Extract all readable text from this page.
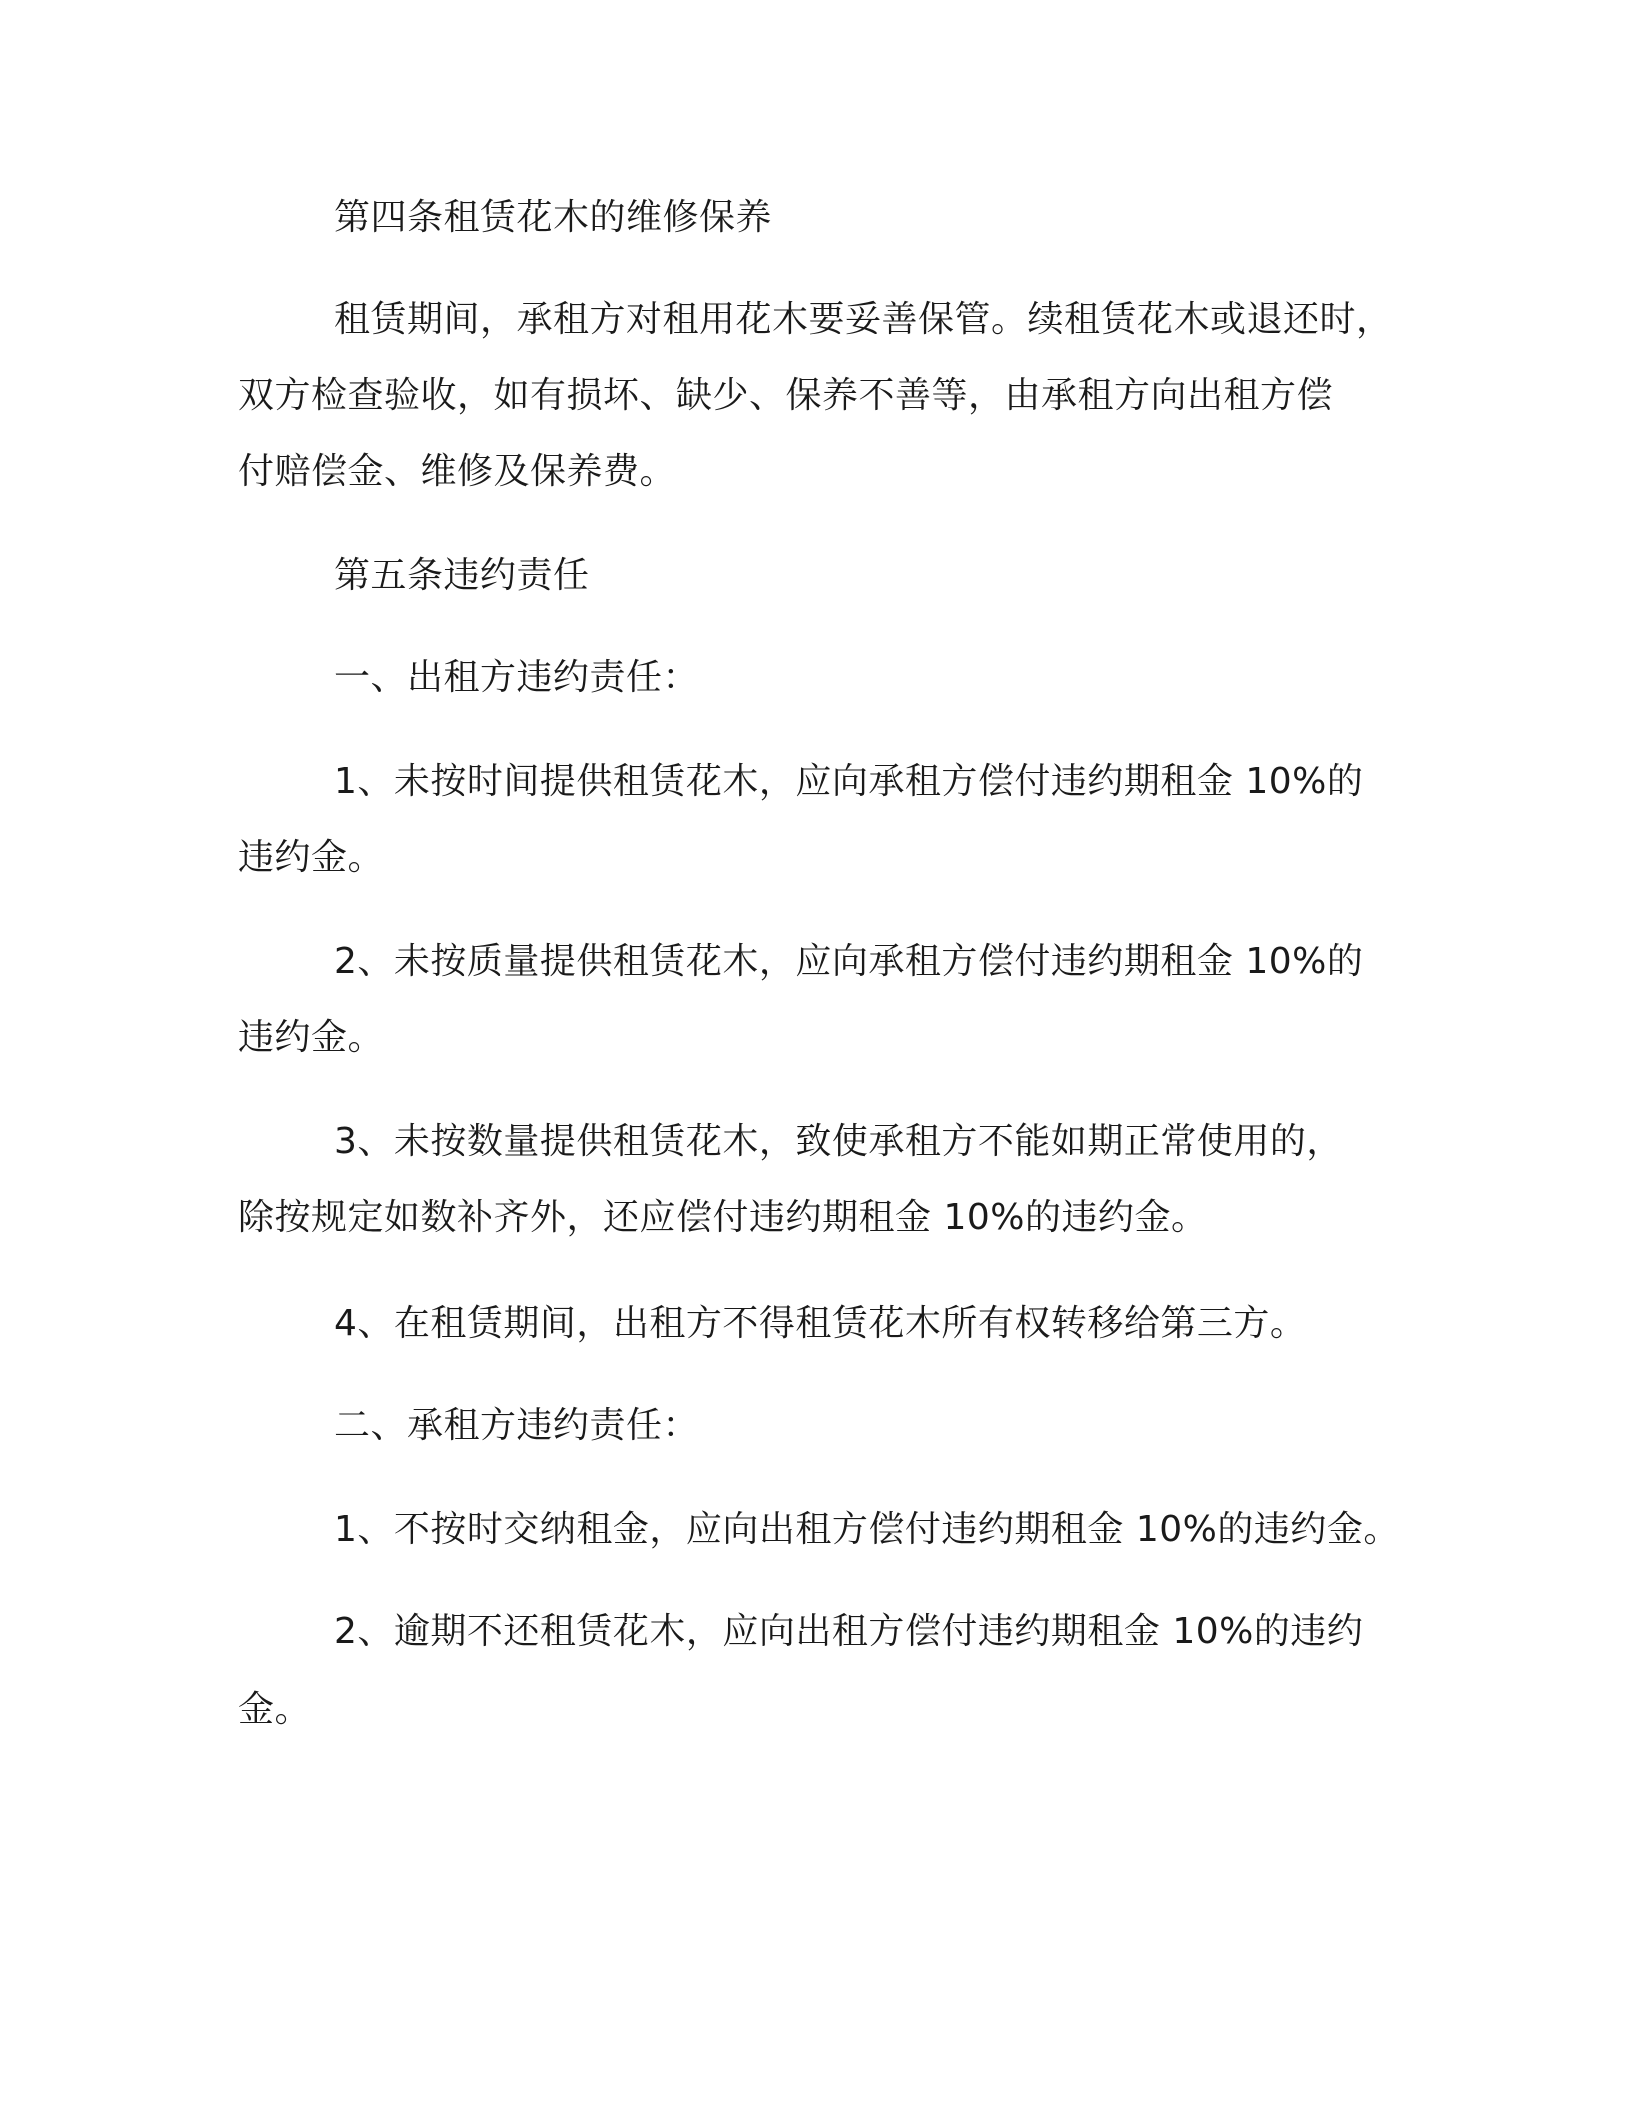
第四条租赁花木的维修保养
租赁期间，承租方对租用花木要妥善保管。续租赁花木或退还时，
双方检查验收，如有损坏、缺少、保养不善等，由承租方向出租方偿
付赔偿金、维修及保养费。
第五条违约责任
一、出租方违约责任：
1、未按时间提供租赁花木，应向承租方偿付违约期租金 10%的
违约金。
2、未按质量提供租赁花木，应向承租方偿付违约期租金 10%的
违约金。
3、未按数量提供租赁花木，致使承租方不能如期正常使用的，
除按规定如数补齐外，还应偿付违约期租金 10%的违约金。
4、在租赁期间，出租方不得租赁花木所有权转移给第三方。
二、承租方违约责任：
1、不按时交纳租金，应向出租方偿付违约期租金 10%的违约金。
2、逾期不还租赁花木，应向出租方偿付违约期租金 10%的违约
金。
